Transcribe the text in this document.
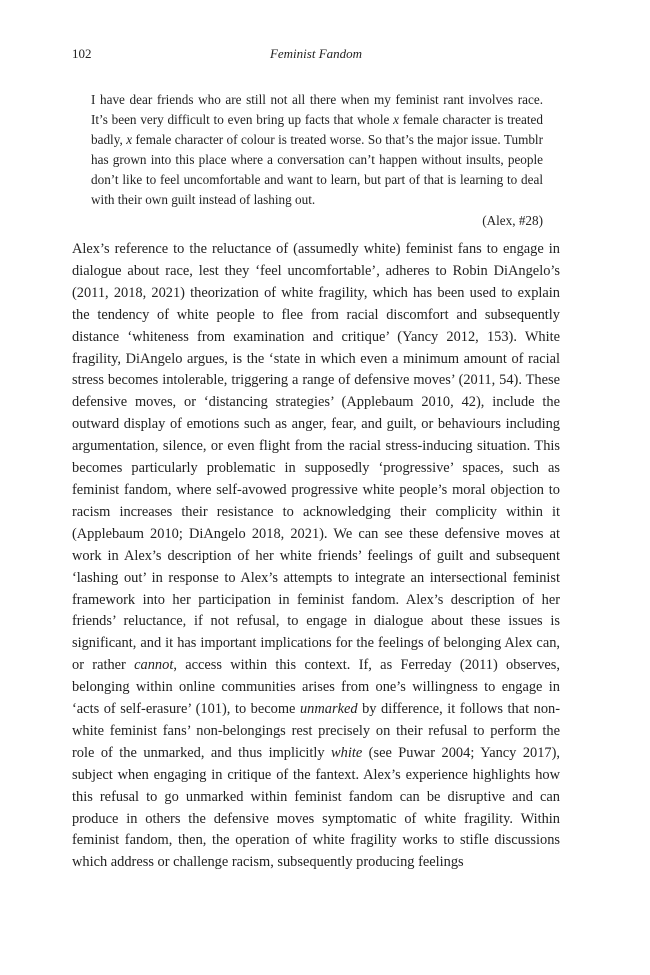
102	Feminist Fandom

I have dear friends who are still not all there when my feminist rant involves race. It’s been very difficult to even bring up facts that whole x female character is treated badly, x female character of colour is treated worse. So that’s the major issue. Tumblr has grown into this place where a conversation can’t happen without insults, people don’t like to feel uncomfortable and want to learn, but part of that is learning to deal with their own guilt instead of lashing out.

(Alex, #28)

Alex’s reference to the reluctance of (assumedly white) feminist fans to engage in dialogue about race, lest they ‘feel uncomfortable’, adheres to Robin DiAngelo’s (2011, 2018, 2021) theorization of white fragility, which has been used to explain the tendency of white people to flee from racial discomfort and subsequently distance ‘whiteness from examination and critique’ (Yancy 2012, 153). White fragility, DiAngelo argues, is the ‘state in which even a minimum amount of racial stress becomes intolerable, triggering a range of defensive moves’ (2011, 54). These defensive moves, or ‘distancing strategies’ (Applebaum 2010, 42), include the outward display of emotions such as anger, fear, and guilt, or behaviours including argumentation, silence, or even flight from the racial stress-inducing situation. This becomes particularly problematic in supposedly ‘progressive’ spaces, such as feminist fandom, where self-avowed progressive white people’s moral objection to racism increases their resistance to acknowledging their complicity within it (Applebaum 2010; DiAngelo 2018, 2021). We can see these defensive moves at work in Alex’s description of her white friends’ feelings of guilt and subsequent ‘lashing out’ in response to Alex’s attempts to integrate an intersectional feminist framework into her participation in feminist fandom. Alex’s description of her friends’ reluctance, if not refusal, to engage in dialogue about these issues is significant, and it has important implications for the feelings of belonging Alex can, or rather cannot, access within this context. If, as Ferreday (2011) observes, belonging within online communities arises from one’s willingness to engage in ‘acts of self-erasure’ (101), to become unmarked by difference, it follows that non-white feminist fans’ non-belongings rest precisely on their refusal to perform the role of the unmarked, and thus implicitly white (see Puwar 2004; Yancy 2017), subject when engaging in critique of the fantext. Alex’s experience highlights how this refusal to go unmarked within feminist fandom can be disruptive and can produce in others the defensive moves symptomatic of white fragility. Within feminist fandom, then, the operation of white fragility works to stifle discussions which address or challenge racism, subsequently producing feelings
